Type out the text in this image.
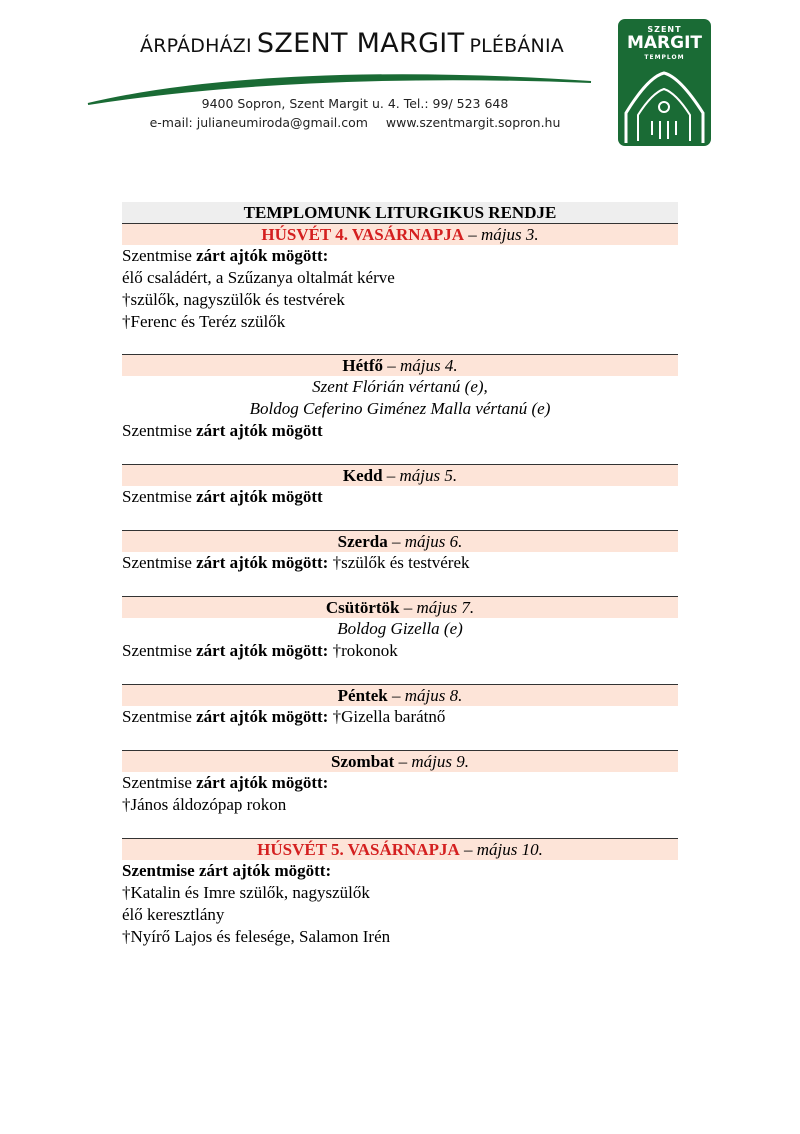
ÁRPÁDHÁZI SZENT MARGIT PLÉBÁNIA
9400 Sopron, Szent Margit u. 4. Tel.: 99/ 523 648
e-mail: julianeumiroda@gmail.com www.szentmargit.sopron.hu
SZENT
MARGIT
TEMPLOM
TEMPLOMUNK LITURGIKUS RENDJE
HÚSVÉT 4. VASÁRNAPJA – május 3.
Szentmise zárt ajtók mögött:
élő családért, a Szűzanya oltalmát kérve
†szülők, nagyszülők és testvérek
†Ferenc és Teréz szülők
Hétfő – május 4.
Szent Flórián vértanú (e),
Boldog Ceferino Giménez Malla vértanú (e)
Szentmise zárt ajtók mögött
Kedd – május 5.
Szentmise zárt ajtók mögött
Szerda – május 6.
Szentmise zárt ajtók mögött: †szülők és testvérek
Csütörtök – május 7.
Boldog Gizella (e)
Szentmise zárt ajtók mögött: †rokonok
Péntek – május 8.
Szentmise zárt ajtók mögött: †Gizella barátnő
Szombat – május 9.
Szentmise zárt ajtók mögött:
†János áldozópap rokon
HÚSVÉT 5. VASÁRNAPJA – május 10.
Szentmise zárt ajtók mögött:
†Katalin és Imre szülők, nagyszülők
élő keresztlány
†Nyírő Lajos és felesége, Salamon Irén
